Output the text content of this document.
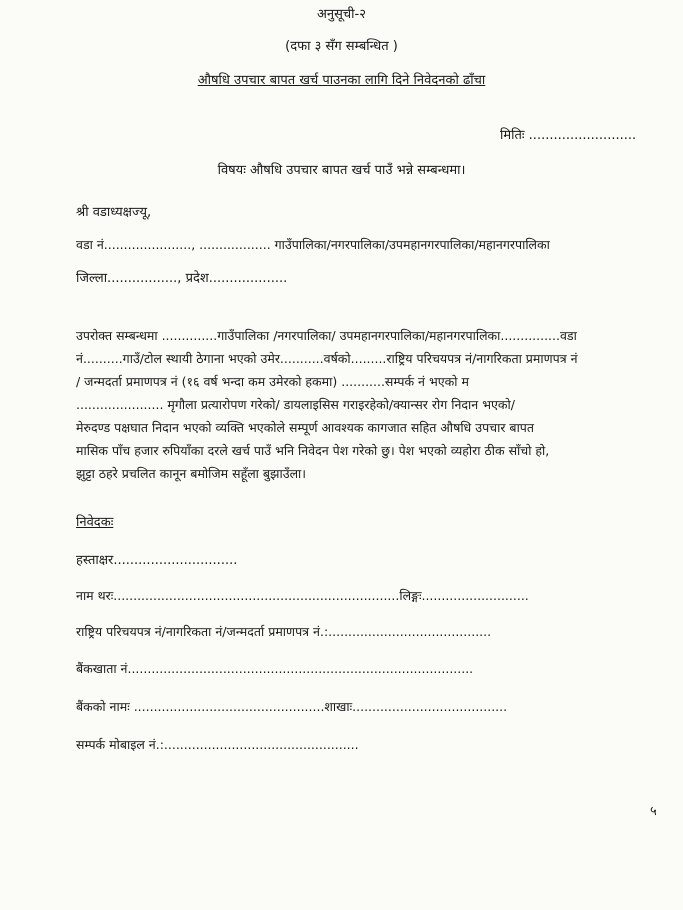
अनुसूची-२
(दफा ३ सँग सम्बन्धित )
औषधि उपचार बापत खर्च पाउनका लागि दिने निवेदनको ढाँचा
मितिः ..........................
विषयः औषधि उपचार बापत खर्च पाउँ भन्ने सम्बन्धमा।
श्री वडाध्यक्षज्यू,
वडा नं......................, .................. गाउँपालिका/नगरपालिका/उपमहानगरपालिका/महानगरपालिका
जिल्ला................., प्रदेश...................
उपरोक्त सम्बन्धमा ..............गाउँपालिका /नगरपालिका/ उपमहानगरपालिका/महानगरपालिका...............वडा
नं..........गाउँ/टोल स्थायी ठेगाना भएको उमेर...........वर्षको.........राष्ट्रिय परिचयपत्र नं/नागरिकता प्रमाणपत्र नं
/ जन्मदर्ता प्रमाणपत्र नं (१६ वर्ष भन्दा कम उमेरको हकमा) ...........सम्पर्क नं भएको म
...................... मृगौला प्रत्यारोपण गरेको/ डायलाइसिस गराइरहेको/क्यान्सर रोग निदान भएको/
मेरुदण्ड पक्षघात निदान भएको व्यक्ति भएकोले सम्पूर्ण आवश्यक कागजात सहित औषधि उपचार बापत
मासिक पाँच हजार रुपियाँका दरले खर्च पाउँ भनि निवेदन पेश गरेको छु। पेश भएको व्यहोरा ठीक साँचो हो,
झुट्टा ठहरे प्रचलित कानून बमोजिम सहूँला बुझाउँला।
निवेदकः
हस्ताक्षर..............................
नाम थरः........................................................................लिङ्गः...........................
राष्ट्रिय परिचयपत्र नं/नागरिकता नं/जन्मदर्ता प्रमाणपत्र नं.:.........................................
बैंकखाता नं.......................................................................................
बैंकको नामः ................................................शाखाः.......................................
सम्पर्क मोबाइल नं.:.................................................
५
